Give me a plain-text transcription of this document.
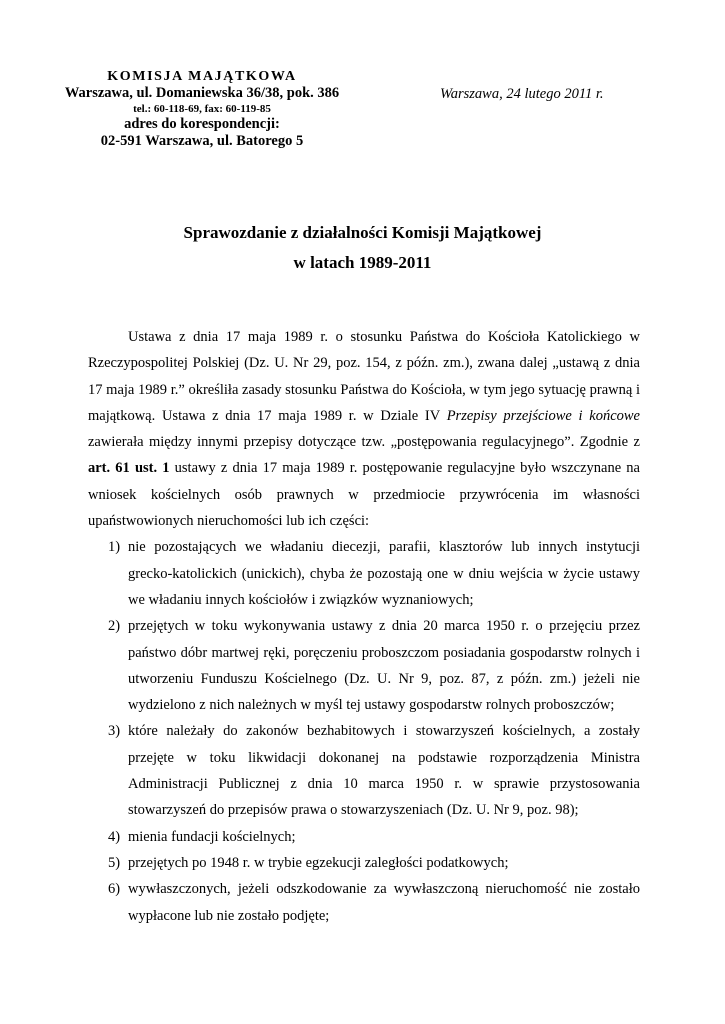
KOMISJA MAJĄTKOWA
Warszawa, ul. Domaniewska 36/38, pok. 386
tel.: 60-118-69, fax: 60-119-85
adres do korespondencji:
02-591 Warszawa, ul. Batorego 5
Warszawa, 24 lutego 2011 r.
Sprawozdanie z działalności Komisji Majątkowej
w latach 1989-2011

Ustawa z dnia 17 maja 1989 r. o stosunku Państwa do Kościoła Katolickiego w Rzeczypospolitej Polskiej (Dz. U. Nr 29, poz. 154, z późn. zm.), zwana dalej „ustawą z dnia 17 maja 1989 r.” określiła zasady stosunku Państwa do Kościoła, w tym jego sytuację prawną i majątkową. Ustawa z dnia 17 maja 1989 r. w Dziale IV Przepisy przejściowe i końcowe zawierała między innymi przepisy dotyczące tzw. „postępowania regulacyjnego”. Zgodnie z art. 61 ust. 1 ustawy z dnia 17 maja 1989 r. postępowanie regulacyjne było wszczynane na wniosek kościelnych osób prawnych w przedmiocie przywrócenia im własności upaństwowionych nieruchomości lub ich części:

1) nie pozostających we władaniu diecezji, parafii, klasztorów lub innych instytucji grecko-katolickich (unickich), chyba że pozostają one w dniu wejścia w życie ustawy we władaniu innych kościołów i związków wyznaniowych;
2) przejętych w toku wykonywania ustawy z dnia 20 marca 1950 r. o przejęciu przez państwo dóbr martwej ręki, poręczeniu proboszczom posiadania gospodarstw rolnych i utworzeniu Funduszu Kościelnego (Dz. U. Nr 9, poz. 87, z późn. zm.) jeżeli nie wydzielono z nich należnych w myśl tej ustawy gospodarstw rolnych proboszczów;
3) które należały do zakonów bezhabitowych i stowarzyszeń kościelnych, a zostały przejęte w toku likwidacji dokonanej na podstawie rozporządzenia Ministra Administracji Publicznej z dnia 10 marca 1950 r. w sprawie przystosowania stowarzyszeń do przepisów prawa o stowarzyszeniach (Dz. U. Nr 9, poz. 98);
4) mienia fundacji kościelnych;
5) przejętych po 1948 r. w trybie egzekucji zaległości podatkowych;
6) wywłaszczonych, jeżeli odszkodowanie za wywłaszczoną nieruchomość nie zostało wypłacone lub nie zostało podjęte;
